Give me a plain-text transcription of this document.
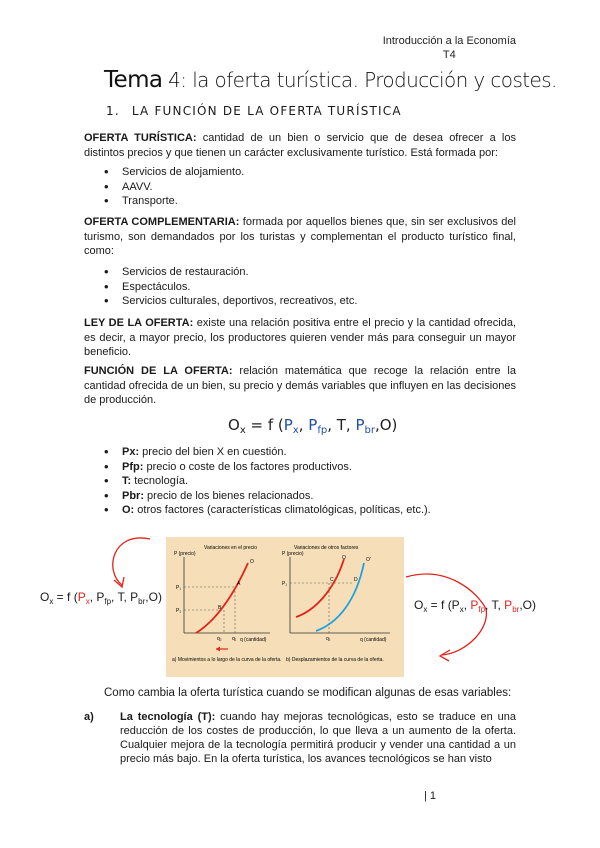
Introducción a la Economía
T4
Tema 4: la oferta turística. Producción y costes.
1. LA FUNCIÓN DE LA OFERTA TURÍSTICA
OFERTA TURÍSTICA: cantidad de un bien o servicio que de desea ofrecer a los distintos precios y que tienen un carácter exclusivamente turístico. Está formada por:
• Servicios de alojamiento.
• AAVV.
• Transporte.
OFERTA COMPLEMENTARIA: formada por aquellos bienes que, sin ser exclusivos del turismo, son demandados por los turistas y complementan el producto turístico final, como:
• Servicios de restauración.
• Espectáculos.
• Servicios culturales, deportivos, recreativos, etc.
LEY DE LA OFERTA: existe una relación positiva entre el precio y la cantidad ofrecida, es decir, a mayor precio, los productores quieren vender más para conseguir un mayor beneficio.
FUNCIÓN DE LA OFERTA: relación matemática que recoge la relación entre la cantidad ofrecida de un bien, su precio y demás variables que influyen en las decisiones de producción.
$O_x = f$ ($P_x$, $P_{fp}$, T, $P_{br},O$)
• Px: precio del bien X en cuestión.
• Pfp: precio o coste de los factores productivos.
• T: tecnología.
• Pbr: precio de los bienes relacionados.
• O: otros factores (características climatológicas, políticas, etc.).
Variaciones en el precio	Variaciones de otros factores
P (precio)
q (cantidad)
P₁
P₂
q₂ q₁
A
B
O
P (precio)
q (cantidad)
P₁
q₁
C	D
O	O'
a) Movimientos a lo largo de la curva de la oferta. b) Desplazamientos de la curva de la oferta.
$O_x = f$ ($P_x$, $P_{fp}$, T, $P_{br},O$)
$O_x = f$ ($P_x$, $P_{fp}$, T, $P_{br},O$)
Como cambia la oferta turística cuando se modifican algunas de esas variables:
a) La tecnología (T): cuando hay mejoras tecnológicas, esto se traduce en una reducción de los costes de producción, lo que lleva a un aumento de la oferta. Cualquier mejora de la tecnología permitirá producir y vender una cantidad a un precio más bajo. En la oferta turística, los avances tecnológicos se han visto
| 1
